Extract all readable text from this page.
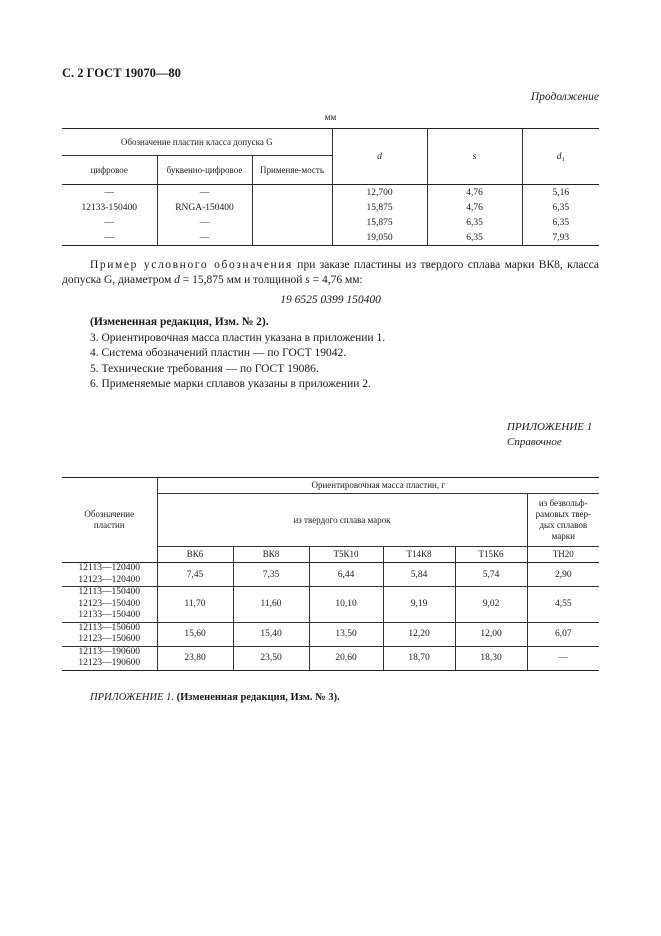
С. 2 ГОСТ 19070—80
Продолжение
мм
Обозначение пластин класса допуска G			d	s	d₁
цифровое	буквенно-цифровое	Применяе-мость			
—	—		12,700	4,76	5,16
12133-150400	RNGA-150400		15,875	4,76	6,35
—	—		15,875	6,35	6,35
—	—		19,050	6,35	7,93
Пример условного обозначения при заказе пластины из твердого сплава марки ВК8, класса допуска G, диаметром d = 15,875 мм и толщиной s = 4,76 мм:
19 6525 0399 150400
(Измененная редакция, Изм. № 2).
3. Ориентировочная масса пластин указана в приложении 1.
4. Система обозначений пластин — по ГОСТ 19042.
5. Технические требования — по ГОСТ 19086.
6. Применяемые марки сплавов указаны в приложении 2.
ПРИЛОЖЕНИЕ 1
Справочное
Обозначение пластин	Ориентировочная масса пластин, г					
	из твердого сплава марок					из безвольф-рамовых твер-дых сплавов марки
	ВК6	ВК8	Т5К10	Т14К8	Т15К6	ТН20

12113—120400
12123—120400	7,45	7,35	6,44	5,84	5,74	2,90

12113—150400
12123—150400
12133—150400	11,70	11,60	10,10	9,19	9,02	4,55

12113—150600
12123—150600	15,60	15,40	13,50	12,20	12,00	6,07

12113—190600
12123—190600	23,80	23,50	20,60	18,70	18,30	—
ПРИЛОЖЕНИЕ 1. (Измененная редакция, Изм. № 3).
